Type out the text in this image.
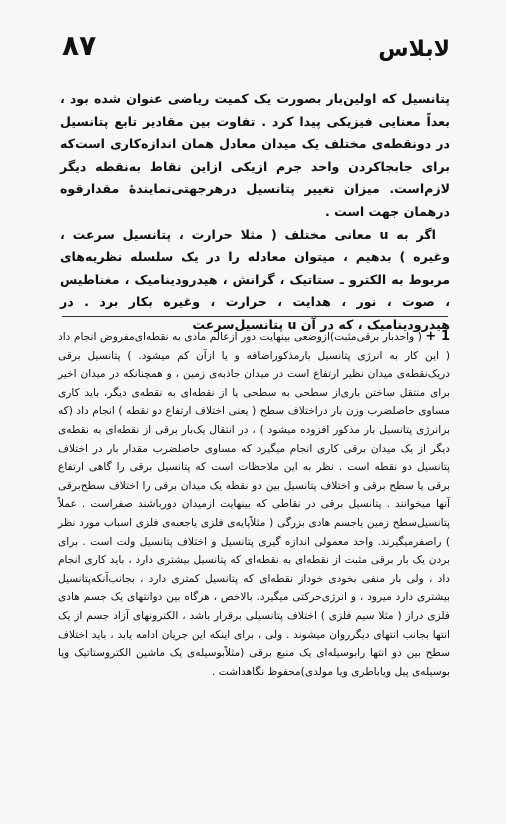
۸۷	لابلاس

پتانسیل که اولین‌بار بصورت یک کمیت ریاضی عنوان شده بود ، بعداً معنایی فیزیکی پیدا کرد . تفاوت بین مقادیر تابع پتانسیل در دونقطه‌ی مختلف یک میدان معادل همان اندازه‌کاری است‌که برای جابجاکردن واحد جرم ازیکی ازاین نقاط به‌نقطه دیگر لازم‌است. میزان تغییر پتانسیل درهرجهتی‌نمایندهٔ مقدارقوه درهمان جهت است .

اگر به u معانی مختلف ( مثلا حرارت ، پتانسیل سرعت ، وغیره ) بدهیم ، میتوان معادله را در یک سلسله نظریه‌های مربوط به الکترو ـ ستاتیک ، گرانش ، هیدرودینامیک ، مغناطیس ، صوت ، نور ، هدایت ، حرارت ، وغیره بکار برد . در هیدرودینامیک ، که در آن u پتانسیل‌سرعت

1 + ( واحدبار برقی‌مثبت)ازوضعی بینهایت دور ازعالم مادی به نقطه‌ای‌مفروض انجام داد ( این کار به انرژی پتانسیل بارمذکوراضافه و یا ازآن کم میشود. ) پتانسیل برقی دریک‌نقطه‌ی میدان نظیر ارتفاع است در میدان جاذبه‌ی زمین ، و همچنانکه در میدان اخیر برای منتقل ساختن باری‌از سطحی به سطحی یا از نقطه‌ای به نقطه‌ی دیگر، باید کاری مساوی حاصلضرب وزن بار دراختلاف سطح ( یعنی اختلاف ارتفاع دو نقطه ) انجام داد (که برانرژی پتانسیل بار مذکور افزوده میشود ) ، در انتقال یک‌بار برقی از نقطه‌ای به نقطه‌ی دیگر از یک میدان برقی کاری انجام میگیرد که مساوی حاصلضرب مقدار بار در اختلاف پتانسیل دو نقطه است . نظر به این ملاحظات است که پتانسیل برقی را گاهی ارتفاع برقی یا سطح برقی و اختلاف پتانسیل بین دو نقطه یک میدان برقی را اختلاف سطح‌برقی آنها میخوانند . پتانسیل برقی در نقاطی که بینهایت ازمیدان دورباشند صفراست . عملاً پتانسیل‌سطح زمین یاجسم هادی بزرگی ( مثلاًپایه‌ی فلزی یاجعبه‌ی فلزی اسباب مورد نظر ) راصفرمیگیرند. واحد معمولی اندازه گیری پتانسیل و اختلاف پتانسیل ولت است . برای بردن یک بار برقی مثبت از نقطه‌ای به نقطه‌ای که پتانسیل بیشتری دارد ، باید کاری انجام داد ، ولی بار منفی بخودی خوداز نقطه‌ای که پتانسیل کمتری دارد ، بجانب‌آنکه‌پتانسیل بیشتری دارد میرود ، و انرژی‌حرکتی میگیرد. بالاخص ، هرگاه بین دوانتهای یک جسم هادی فلزی دراز ( مثلا سیم فلزی ) اختلاف پتانسیلی برقرار باشد ، الکترونهای آزاد جسم از یک انتها بجانب انتهای دیگرروان میشوند . ولی ، برای اینکه این جریان ادامه یابد ، باید اختلاف سطح بین دو انتها رابوسیله‌ای یک منبع برقی (مثلاًبوسیله‌ی یک ماشین الکتروستاتیک ویا بوسیله‌ی پیل ویاباطری ویا مولدی)محفوظ نگاهداشت .
